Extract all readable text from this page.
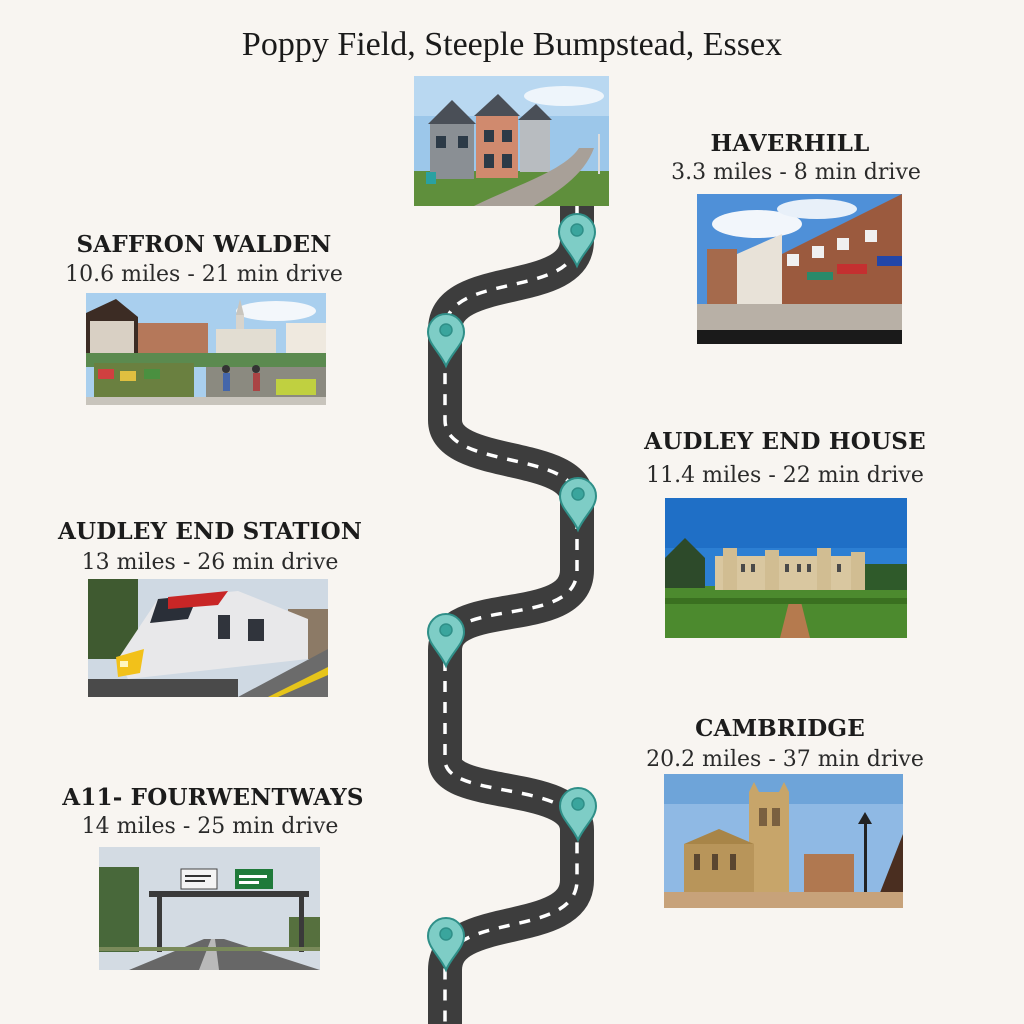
Poppy Field, Steeple Bumpstead, Essex
HAVERHILL
3.3 miles - 8 min drive
SAFFRON WALDEN
10.6 miles - 21 min drive
AUDLEY END HOUSE
11.4 miles - 22 min drive
AUDLEY END STATION
13 miles - 26 min drive
CAMBRIDGE
20.2 miles - 37 min drive
A11- FOURWENTWAYS
14 miles - 25 min drive
